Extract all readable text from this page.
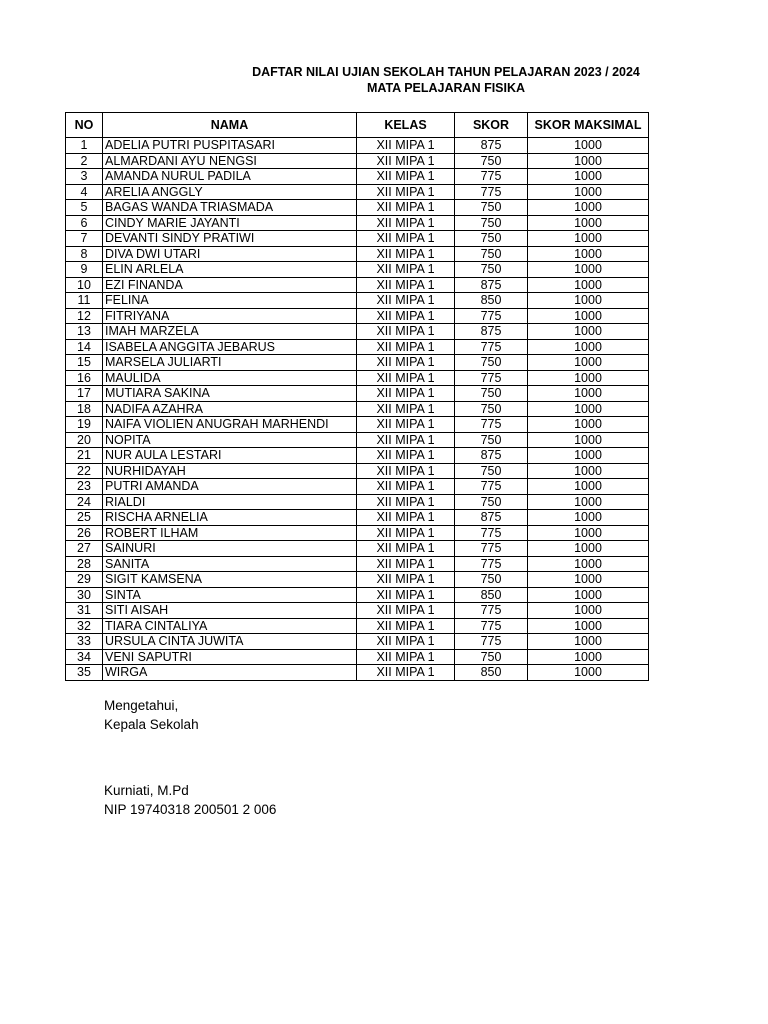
DAFTAR NILAI UJIAN SEKOLAH TAHUN PELAJARAN 2023 / 2024
MATA PELAJARAN FISIKA
NO	NAMA	KELAS	SKOR	SKOR MAKSIMAL
1	ADELIA PUTRI PUSPITASARI	XII MIPA 1	875	1000
2	ALMARDANI AYU NENGSI	XII MIPA 1	750	1000
3	AMANDA NURUL PADILA	XII MIPA 1	775	1000
4	ARELIA ANGGLY	XII MIPA 1	775	1000
5	BAGAS WANDA TRIASMADA	XII MIPA 1	750	1000
6	CINDY MARIE JAYANTI	XII MIPA 1	750	1000
7	DEVANTI SINDY PRATIWI	XII MIPA 1	750	1000
8	DIVA DWI UTARI	XII MIPA 1	750	1000
9	ELIN ARLELA	XII MIPA 1	750	1000
10	EZI FINANDA	XII MIPA 1	875	1000
11	FELINA	XII MIPA 1	850	1000
12	FITRIYANA	XII MIPA 1	775	1000
13	IMAH MARZELA	XII MIPA 1	875	1000
14	ISABELA ANGGITA JEBARUS	XII MIPA 1	775	1000
15	MARSELA JULIARTI	XII MIPA 1	750	1000
16	MAULIDA	XII MIPA 1	775	1000
17	MUTIARA SAKINA	XII MIPA 1	750	1000
18	NADIFA AZAHRA	XII MIPA 1	750	1000
19	NAIFA VIOLIEN ANUGRAH MARHENDI	XII MIPA 1	775	1000
20	NOPITA	XII MIPA 1	750	1000
21	NUR AULA LESTARI	XII MIPA 1	875	1000
22	NURHIDAYAH	XII MIPA 1	750	1000
23	PUTRI AMANDA	XII MIPA 1	775	1000
24	RIALDI	XII MIPA 1	750	1000
25	RISCHA ARNELIA	XII MIPA 1	875	1000
26	ROBERT ILHAM	XII MIPA 1	775	1000
27	SAINURI	XII MIPA 1	775	1000
28	SANITA	XII MIPA 1	775	1000
29	SIGIT KAMSENA	XII MIPA 1	750	1000
30	SINTA	XII MIPA 1	850	1000
31	SITI AISAH	XII MIPA 1	775	1000
32	TIARA CINTALIYA	XII MIPA 1	775	1000
33	URSULA CINTA JUWITA	XII MIPA 1	775	1000
34	VENI SAPUTRI	XII MIPA 1	750	1000
35	WIRGA	XII MIPA 1	850	1000
Mengetahui,
Kepala Sekolah
Kurniati, M.Pd
NIP 19740318 200501 2 006
